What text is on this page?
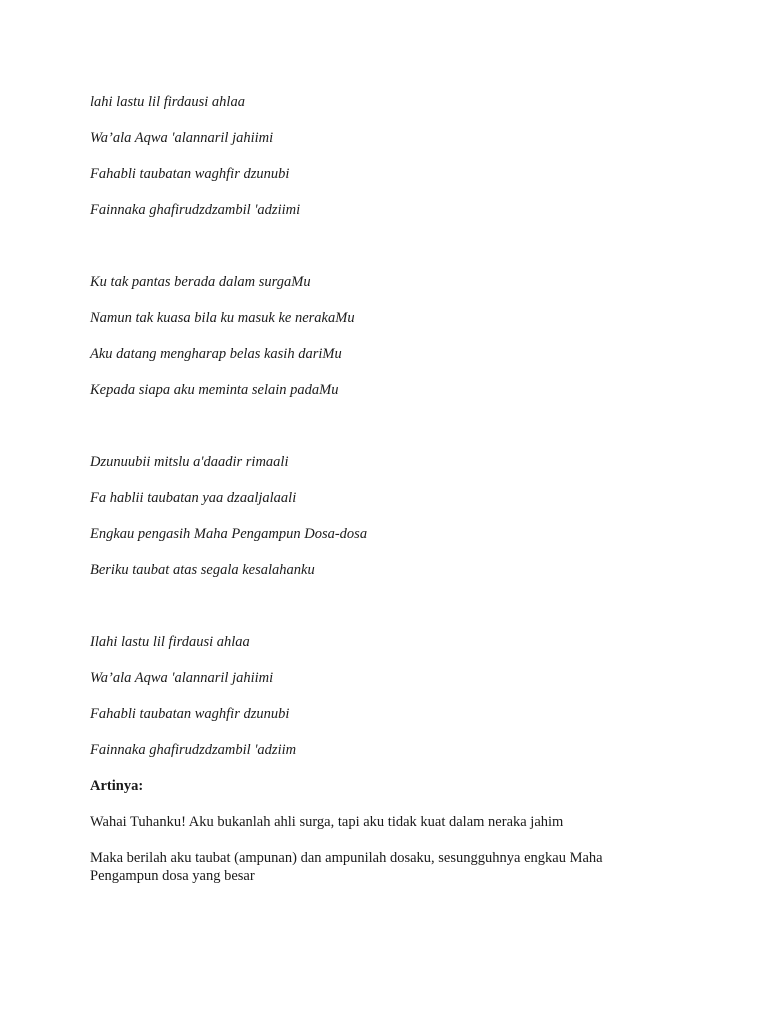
lahi lastu lil firdausi ahlaa

Wa’ala Aqwa 'alannaril jahiimi

Fahabli taubatan waghfir dzunubi

Fainnaka ghafirudzdzambil 'adziimi

Ku tak pantas berada dalam surgaMu

Namun tak kuasa bila ku masuk ke nerakaMu

Aku datang mengharap belas kasih dariMu

Kepada siapa aku meminta selain padaMu

Dzunuubii mitslu a'daadir rimaali

Fa hablii taubatan yaa dzaaljalaali

Engkau pengasih Maha Pengampun Dosa-dosa

Beriku taubat atas segala kesalahanku

Ilahi lastu lil firdausi ahlaa

Wa’ala Aqwa 'alannaril jahiimi

Fahabli taubatan waghfir dzunubi

Fainnaka ghafirudzdzambil 'adziim

Artinya:

Wahai Tuhanku! Aku bukanlah ahli surga, tapi aku tidak kuat dalam neraka jahim

Maka berilah aku taubat (ampunan) dan ampunilah dosaku, sesungguhnya engkau Maha Pengampun dosa yang besar
